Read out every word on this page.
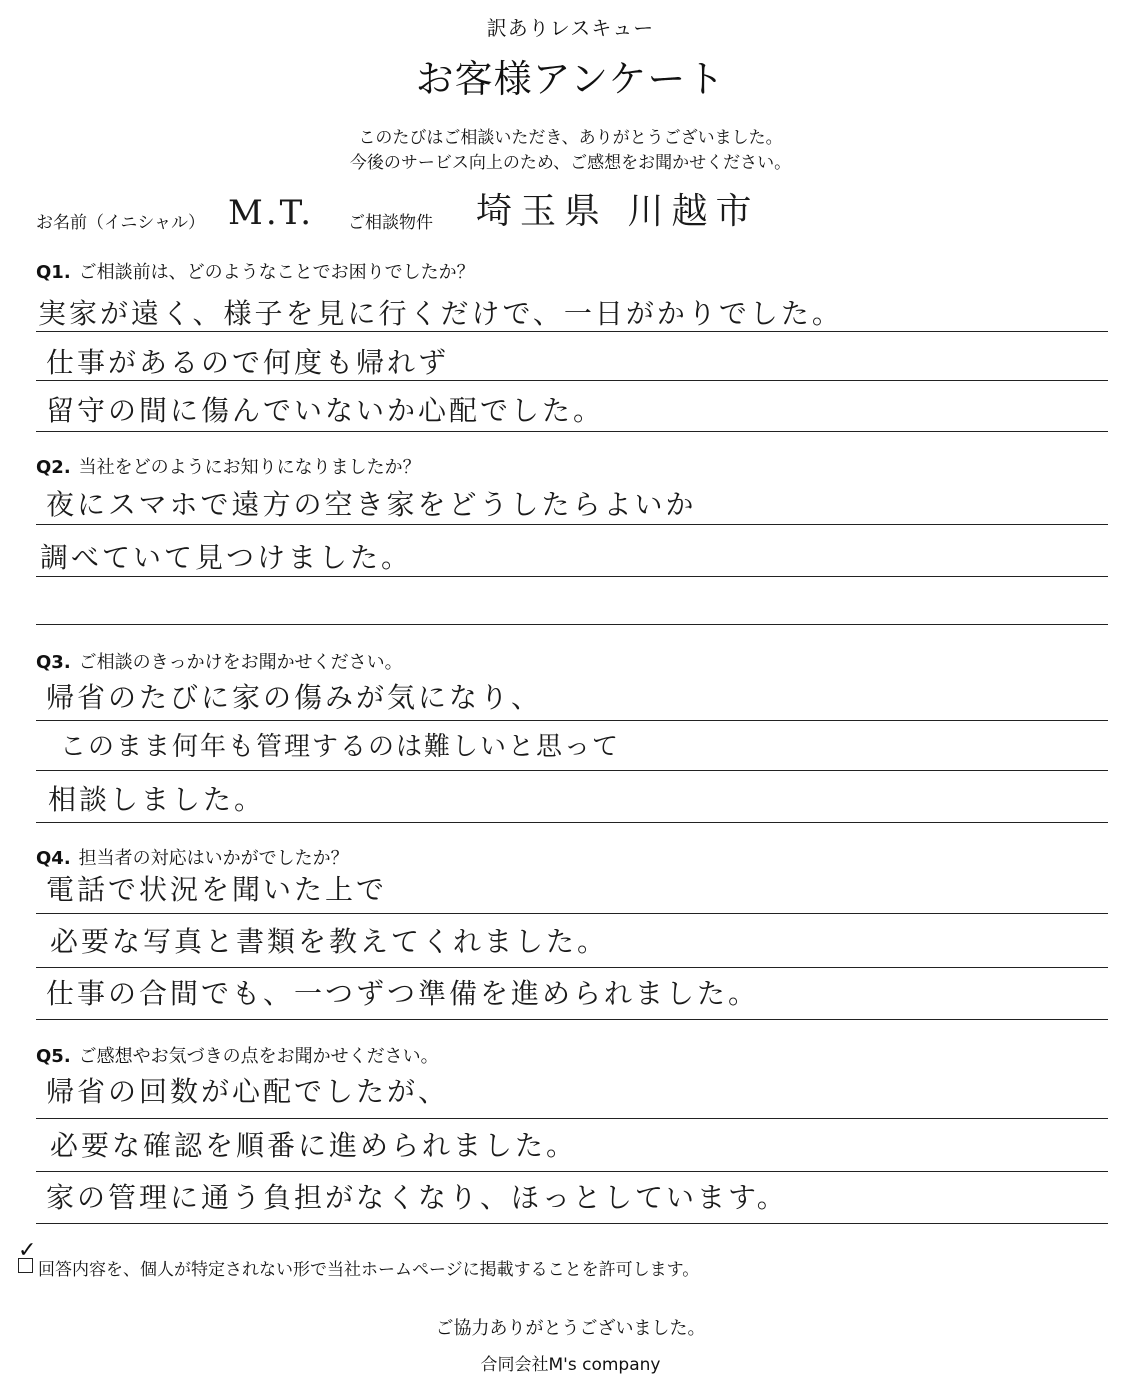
訳ありレスキュー
お客様アンケート
このたびはご相談いただき、ありがとうございました。
今後のサービス向上のため、ご感想をお聞かせください。
お名前（イニシャル） M.T. ご相談物件 埼玉県 川越市
Q1. ご相談前は、どのようなことでお困りでしたか？
実家が遠く、様子を見に行くだけで、一日がかりでした。
仕事があるので何度も帰れず
留守の間に傷んでいないか心配でした。
Q2. 当社をどのようにお知りになりましたか？
夜にスマホで遠方の空き家をどうしたらよいか
調べていて見つけました。
Q3. ご相談のきっかけをお聞かせください。
帰省のたびに家の傷みが気になり、
このまま何年も管理するのは難しいと思って
相談しました。
Q4. 担当者の対応はいかがでしたか？
電話で状況を聞いた上で
必要な写真と書類を教えてくれました。
仕事の合間でも、一つずつ準備を進められました。
Q5. ご感想やお気づきの点をお聞かせください。
帰省の回数が心配でしたが、
必要な確認を順番に進められました。
家の管理に通う負担がなくなり、ほっとしています。
✓
回答内容を、個人が特定されない形で当社ホームページに掲載することを許可します。
ご協力ありがとうございました。
合同会社M's company
